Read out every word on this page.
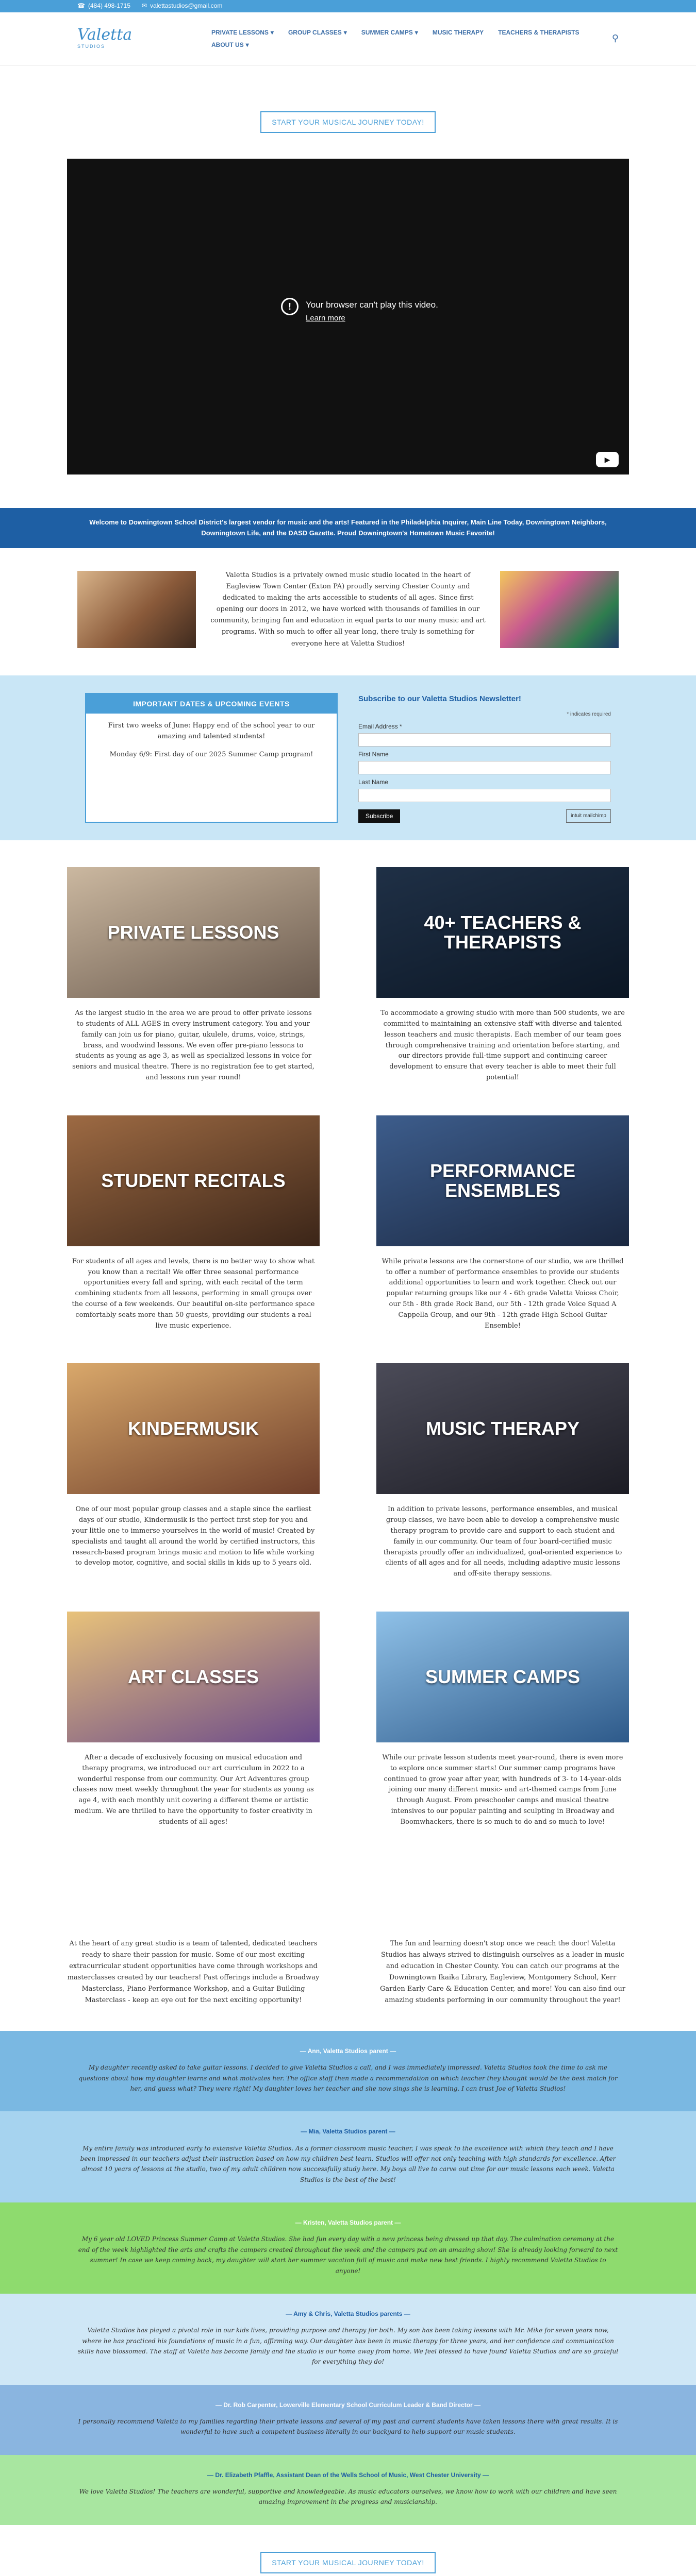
☎ (484) 498-1715 ✉ valettastudios@gmail.com
Valetta
STUDIOS
PRIVATE LESSONS ▾ GROUP CLASSES ▾ SUMMER CAMPS ▾ MUSIC THERAPY TEACHERS & THERAPISTS
ABOUT US ▾
⚲
START YOUR MUSICAL JOURNEY TODAY!
!	Your browser can't play this video.
Learn more
▶
Welcome to Downingtown School District's largest vendor for music and the arts! Featured in the Philadelphia Inquirer, Main Line Today, Downingtown Neighbors, Downingtown Life, and the DASD Gazette. Proud Downingtown's Hometown Music Favorite!

Valetta Studios is a privately owned music studio located in the heart of Eagleview Town Center (Exton PA) proudly serving Chester County and dedicated to making the arts accessible to students of all ages. Since first opening our doors in 2012, we have worked with thousands of families in our community, bringing fun and education in equal parts to our many music and art programs. With so much to offer all year long, there truly is something for everyone here at Valetta Studios!

IMPORTANT DATES & UPCOMING EVENTS

First two weeks of June: Happy end of the school year to our amazing and talented students!

Monday 6/9: First day of our 2025 Summer Camp program!

Subscribe to our Valetta Studios Newsletter!
* indicates required
Email Address *
First Name
Last Name
Subscribe	intuit mailchimp
PRIVATE LESSONS

As the largest studio in the area we are proud to offer private lessons to students of ALL AGES in every instrument category. You and your family can join us for piano, guitar, ukulele, drums, voice, strings, brass, and woodwind lessons. We even offer pre-piano lessons to students as young as age 3, as well as specialized lessons in voice for seniors and musical theatre. There is no registration fee to get started, and lessons run year round!

40+ TEACHERS & THERAPISTS

To accommodate a growing studio with more than 500 students, we are committed to maintaining an extensive staff with diverse and talented lesson teachers and music therapists. Each member of our team goes through comprehensive training and orientation before starting, and our directors provide full-time support and continuing career development to ensure that every teacher is able to meet their full potential!

STUDENT RECITALS

For students of all ages and levels, there is no better way to show what you know than a recital! We offer three seasonal performance opportunities every fall and spring, with each recital of the term combining students from all lessons, performing in small groups over the course of a few weekends. Our beautiful on-site performance space comfortably seats more than 50 guests, providing our students a real live music experience.

PERFORMANCE ENSEMBLES

While private lessons are the cornerstone of our studio, we are thrilled to offer a number of performance ensembles to provide our students additional opportunities to learn and work together. Check out our popular returning groups like our 4 - 6th grade Valetta Voices Choir, our 5th - 8th grade Rock Band, our 5th - 12th grade Voice Squad A Cappella Group, and our 9th - 12th grade High School Guitar Ensemble!

KINDERMUSIK

One of our most popular group classes and a staple since the earliest days of our studio, Kindermusik is the perfect first step for you and your little one to immerse yourselves in the world of music! Created by specialists and taught all around the world by certified instructors, this research-based program brings music and motion to life while working to develop motor, cognitive, and social skills in kids up to 5 years old.

MUSIC THERAPY

In addition to private lessons, performance ensembles, and musical group classes, we have been able to develop a comprehensive music therapy program to provide care and support to each student and family in our community. Our team of four board-certified music therapists proudly offer an individualized, goal-oriented experience to clients of all ages and for all needs, including adaptive music lessons and off-site therapy sessions.

ART CLASSES

After a decade of exclusively focusing on musical education and therapy programs, we introduced our art curriculum in 2022 to a wonderful response from our community. Our Art Adventures group classes now meet weekly throughout the year for students as young as age 4, with each monthly unit covering a different theme or artistic medium. We are thrilled to have the opportunity to foster creativity in students of all ages!

SUMMER CAMPS

While our private lesson students meet year-round, there is even more to explore once summer starts! Our summer camp programs have continued to grow year after year, with hundreds of 3- to 14-year-olds joining our many different music- and art-themed camps from June through August. From preschooler camps and musical theatre intensives to our popular painting and sculpting in Broadway and Boomwhackers, there is so much to do and so much to love!

At the heart of any great studio is a team of talented, dedicated teachers ready to share their passion for music. Some of our most exciting extracurricular student opportunities have come through workshops and masterclasses created by our teachers! Past offerings include a Broadway Masterclass, Piano Performance Workshop, and a Guitar Building Masterclass - keep an eye out for the next exciting opportunity!

The fun and learning doesn't stop once we reach the door! Valetta Studios has always strived to distinguish ourselves as a leader in music and education in Chester County. You can catch our programs at the Downingtown Ikaika Library, Eagleview, Montgomery School, Kerr Garden Early Care & Education Center, and more! You can also find our amazing students performing in our community throughout the year!

— Ann, Valetta Studios parent —

My daughter recently asked to take guitar lessons. I decided to give Valetta Studios a call, and I was immediately impressed. Valetta Studios took the time to ask me questions about how my daughter learns and what motivates her. The office staff then made a recommendation on which teacher they thought would be the best match for her, and guess what? They were right! My daughter loves her teacher and she now sings she is learning. I can trust Joe of Valetta Studios!

— Mia, Valetta Studios parent —

My entire family was introduced early to extensive Valetta Studios. As a former classroom music teacher, I was speak to the excellence with which they teach and I have been impressed in our teachers adjust their instruction based on how my children best learn. Studios will offer not only teaching with high standards for excellence. After almost 10 years of lessons at the studio, two of my adult children now successfully study here. My boys all live to carve out time for our music lessons each week. Valetta Studios is the best of the best!

— Kristen, Valetta Studios parent —

My 6 year old LOVED Princess Summer Camp at Valetta Studios. She had fun every day with a new princess being dressed up that day. The culmination ceremony at the end of the week highlighted the arts and crafts the campers created throughout the week and the campers put on an amazing show! She is already looking forward to next summer! In case we keep coming back, my daughter will start her summer vacation full of music and make new best friends. I highly recommend Valetta Studios to anyone!

— Amy & Chris, Valetta Studios parents —

Valetta Studios has played a pivotal role in our kids lives, providing purpose and therapy for both. My son has been taking lessons with Mr. Mike for seven years now, where he has practiced his foundations of music in a fun, affirming way. Our daughter has been in music therapy for three years, and her confidence and communication skills have blossomed. The staff at Valetta has become family and the studio is our home away from home. We feel blessed to have found Valetta Studios and are so grateful for everything they do!

— Dr. Rob Carpenter, Lowerville Elementary School Curriculum Leader & Band Director —

I personally recommend Valetta to my families regarding their private lessons and several of my past and current students have taken lessons there with great results. It is wonderful to have such a competent business literally in our backyard to help support our music students.

— Dr. Elizabeth Pfaffle, Assistant Dean of the Wells School of Music, West Chester University —

We love Valetta Studios! The teachers are wonderful, supportive and knowledgeable. As music educators ourselves, we know how to work with our children and have seen amazing improvement in the progress and musicianship.

START YOUR MUSICAL JOURNEY TODAY!
